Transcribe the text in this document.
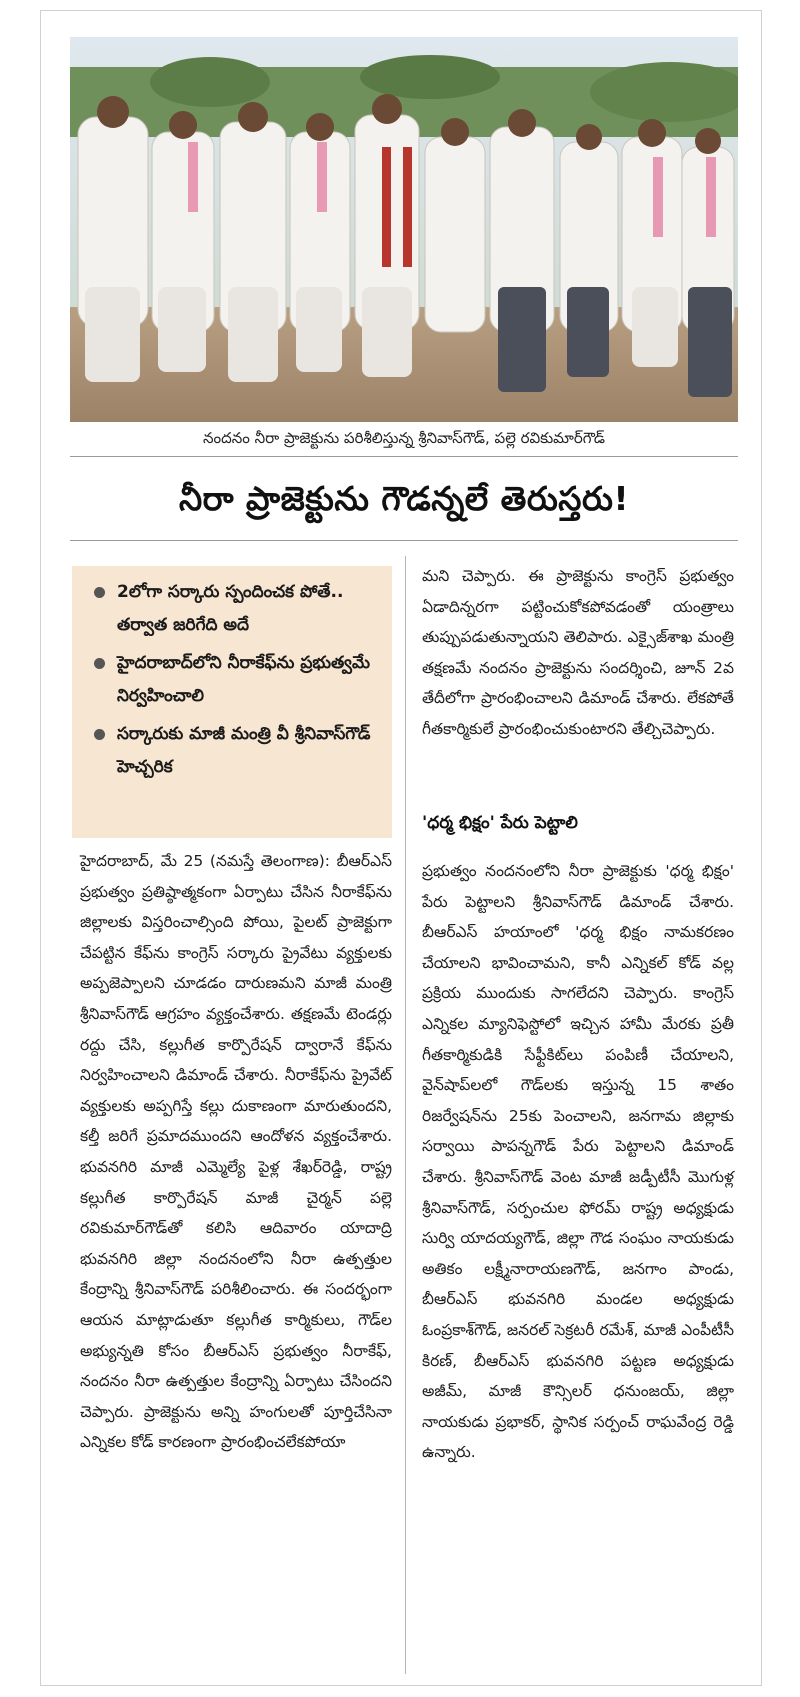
నందనం నీరా ప్రాజెక్టును పరిశీలిస్తున్న శ్రీనివాస్‌గౌడ్, పల్లె రవికుమార్‌గౌడ్
నీరా ప్రాజెక్టును గౌడన్నలే తెరుస్తరు!
2లోగా సర్కారు స్పందించక పోతే.. తర్వాత జరిగేది అదే
హైదరాబాద్‌లోని నీరాకేఫ్‌ను ప్రభుత్వమే నిర్వహించాలి
సర్కారుకు మాజీ మంత్రి వీ శ్రీనివాస్‌గౌడ్ హెచ్చరిక
హైదరాబాద్, మే 25 (నమస్తే తెలంగాణ): బీఆర్‌ఎస్ ప్రభుత్వం ప్రతిష్ఠాత్మకంగా ఏర్పాటు చేసిన నీరాకేఫ్‌ను జిల్లాలకు విస్తరించాల్సింది పోయి, పైలట్ ప్రాజెక్టుగా చేపట్టిన కేఫ్‌ను కాంగ్రెస్ సర్కారు ప్రైవేటు వ్యక్తులకు అప్పజెప్పాలని చూడడం దారుణమని మాజీ మంత్రి శ్రీనివాస్‌గౌడ్ ఆగ్రహం వ్యక్తంచేశారు. తక్షణమే టెండర్లు రద్దు చేసి, కల్లుగీత కార్పొరేషన్ ద్వారానే కేఫ్‌ను నిర్వహించాలని డిమాండ్ చేశారు. నీరాకేఫ్‌ను ప్రైవేట్ వ్యక్తులకు అప్పగిస్తే కల్లు దుకాణంగా మారుతుందని, కల్తీ జరిగే ప్రమాదముందని ఆందోళన వ్యక్తంచేశారు. భువనగిరి మాజీ ఎమ్మెల్యే పైళ్ల శేఖర్‌రెడ్డి, రాష్ట్ర కల్లుగీత కార్పొరేషన్ మాజీ చైర్మన్ పల్లె రవికుమార్‌గౌడ్‌తో కలిసి ఆదివారం యాదాద్రి భువనగిరి జిల్లా నందనంలోని నీరా ఉత్పత్తుల కేంద్రాన్ని శ్రీనివాస్‌గౌడ్ పరిశీలించారు. ఈ సందర్భంగా ఆయన మాట్లాడుతూ కల్లుగీత కార్మికులు, గౌడ్‌ల అభ్యున్నతి కోసం బీఆర్‌ఎస్ ప్రభుత్వం నీరాకేఫ్, నందనం నీరా ఉత్పత్తుల కేంద్రాన్ని ఏర్పాటు చేసిందని చెప్పారు. ప్రాజెక్టును అన్ని హంగులతో పూర్తిచేసినా ఎన్నికల కోడ్ కారణంగా ప్రారంభించలేకపోయా
మని చెప్పారు. ఈ ప్రాజెక్టును కాంగ్రెస్ ప్రభుత్వం ఏడాదిన్నరగా పట్టించుకోకపోవడంతో యంత్రాలు తుప్పుపడుతున్నాయని తెలిపారు. ఎక్సైజ్‌శాఖ మంత్రి తక్షణమే నందనం ప్రాజెక్టును సందర్శించి, జూన్ 2వ తేదీలోగా ప్రారంభించాలని డిమాండ్ చేశారు. లేకపోతే గీతకార్మికులే ప్రారంభించుకుంటారని తేల్చిచెప్పారు.
'ధర్మ భిక్షం' పేరు పెట్టాలి
ప్రభుత్వం నందనంలోని నీరా ప్రాజెక్టుకు 'ధర్మ భిక్షం' పేరు పెట్టాలని శ్రీనివాస్‌గౌడ్ డిమాండ్ చేశారు. బీఆర్‌ఎస్ హయాంలో 'ధర్మ భిక్షం నామకరణం చేయాలని భావించామని, కానీ ఎన్నికల్ కోడ్ వల్ల ప్రక్రియ ముందుకు సాగలేదని చెప్పారు. కాంగ్రెస్ ఎన్నికల మ్యానిఫెస్టోలో ఇచ్చిన హామీ మేరకు ప్రతీ గీతకార్మికుడికి సేఫ్టీకిట్‌లు పంపిణీ చేయాలని, వైన్‌షాప్‌లలో గౌడ్‌లకు ఇస్తున్న 15 శాతం రిజర్వేషన్‌ను 25కు పెంచాలని, జనగామ జిల్లాకు సర్వాయి పాపన్నగౌడ్ పేరు పెట్టాలని డిమాండ్ చేశారు. శ్రీనివాస్‌గౌడ్ వెంట మాజీ జడ్పీటీసీ మొగుళ్ల శ్రీనివాస్‌గౌడ్, సర్పంచుల ఫోరమ్ రాష్ట్ర అధ్యక్షుడు సుర్వి యాదయ్యగౌడ్, జిల్లా గౌడ సంఘం నాయకుడు అతికం లక్ష్మీనారాయణగౌడ్, జనగాం పాండు, బీఆర్‌ఎస్ భువనగిరి మండల అధ్యక్షుడు ఓంప్రకాశ్‌గౌడ్, జనరల్ సెక్రటరీ రమేశ్, మాజీ ఎంపీటీసీ కిరణ్, బీఆర్‌ఎస్ భువనగిరి పట్టణ అధ్యక్షుడు అజీమ్, మాజీ కౌన్సిలర్ ధనుంజయ్, జిల్లా నాయకుడు ప్రభాకర్, స్థానిక సర్పంచ్ రాఘవేంద్ర రెడ్డి ఉన్నారు.
